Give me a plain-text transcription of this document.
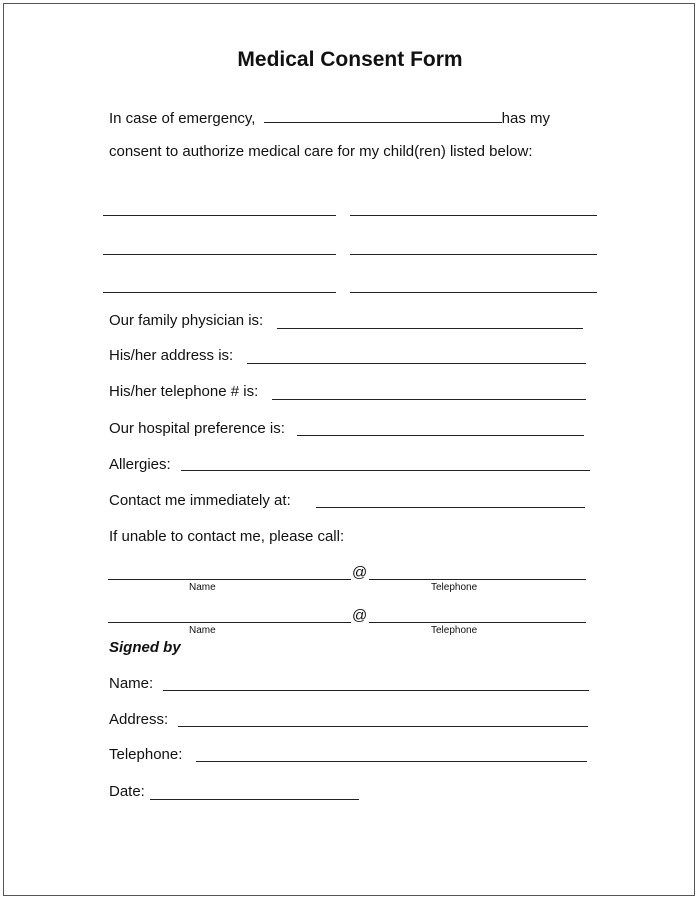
Medical Consent Form
In case of emergency,	has my
consent to authorize medical care for my child(ren) listed below:
Our family physician is:
His/her address is:
His/her telephone # is:
Our hospital preference is:
Allergies:
Contact me immediately at:
If unable to contact me, please call:
@
Name	Telephone
@
Name	Telephone
Signed by
Name:
Address:
Telephone:
Date:
